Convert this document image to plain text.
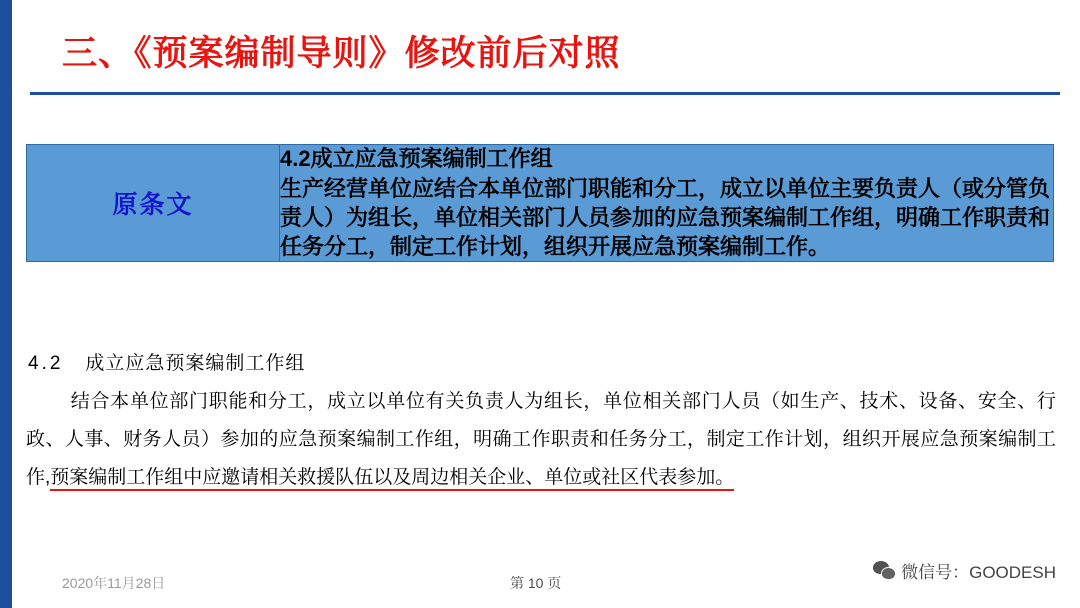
三、《预案编制导则》修改前后对照
原条文	
4.2成立应急预案编制工作组
生产经营单位应结合本单位部门职能和分工，成立以单位主要负责人（或分管负责人）为组长，单位相关部门人员参加的应急预案编制工作组，明确工作职责和任务分工，制定工作计划，组织开展应急预案编制工作。
4.2 成立应急预案编制工作组

结合本单位部门职能和分工，成立以单位有关负责人为组长，单位相关部门人员（如生产、技术、设备、安全、行政、人事、财务人员）参加的应急预案编制工作组，明确工作职责和任务分工，制定工作计划，组织开展应急预案编制工作,预案编制工作组中应邀请相关救援队伍以及周边相关企业、单位或社区代表参加。

2020年11月28日	第 10 页
微信号：GOODESH
